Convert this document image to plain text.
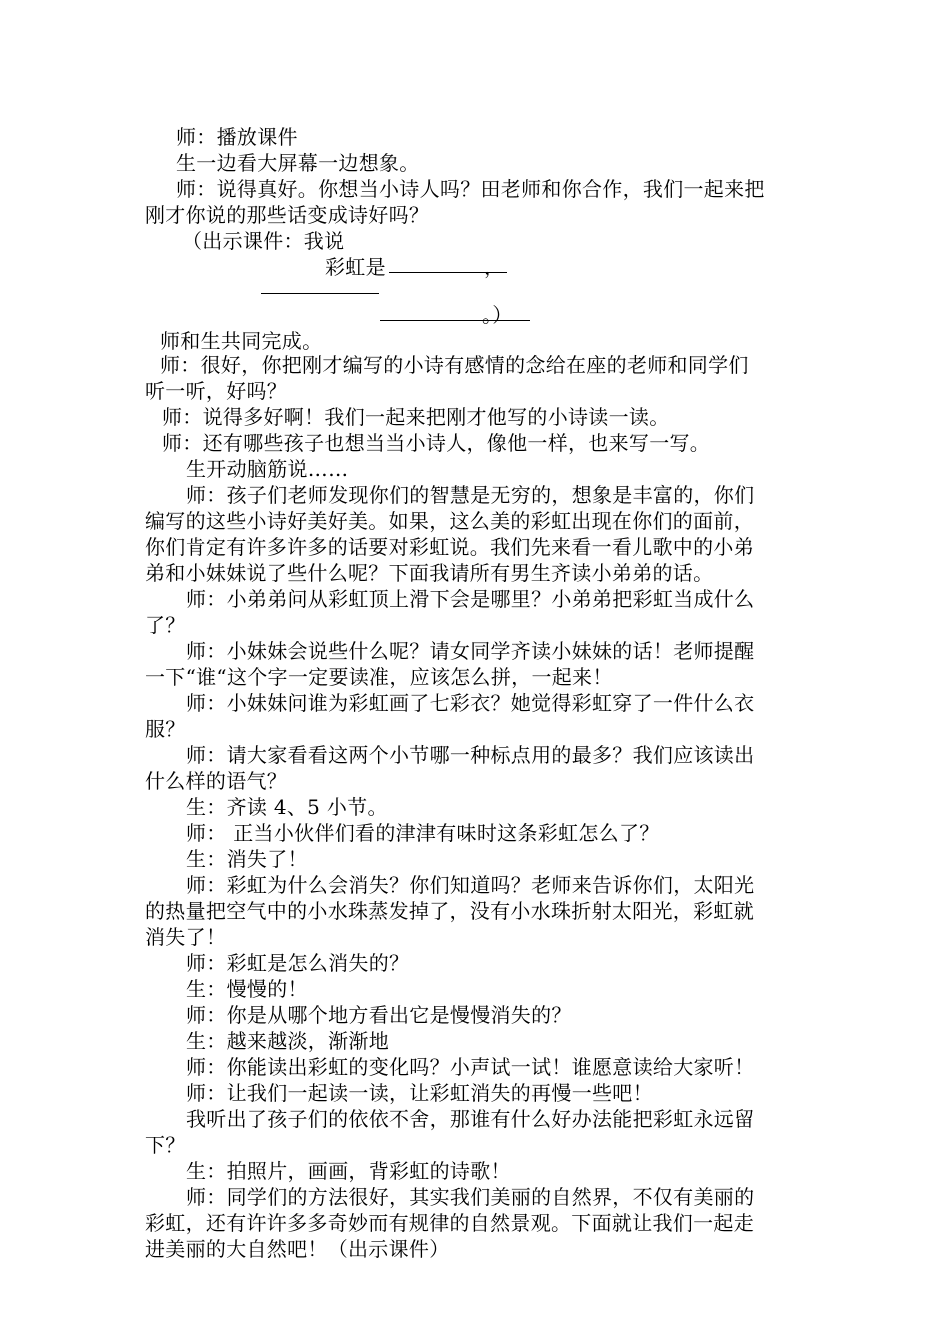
师：播放课件
生一边看大屏幕一边想象。
师：说得真好。你想当小诗人吗？田老师和你合作，我们一起来把
刚才你说的那些话变成诗好吗？
（出示课件：我说
彩虹是	，
。）
师和生共同完成。
师：很好，你把刚才编写的小诗有感情的念给在座的老师和同学们
听一听，好吗？
师：说得多好啊！我们一起来把刚才他写的小诗读一读。
师：还有哪些孩子也想当当小诗人，像他一样，也来写一写。
生开动脑筋说……
师：孩子们老师发现你们的智慧是无穷的，想象是丰富的，你们
编写的这些小诗好美好美。如果，这么美的彩虹出现在你们的面前，
你们肯定有许多许多的话要对彩虹说。我们先来看一看儿歌中的小弟
弟和小妹妹说了些什么呢？下面我请所有男生齐读小弟弟的话。
师：小弟弟问从彩虹顶上滑下会是哪里？小弟弟把彩虹当成什么
了？
师：小妹妹会说些什么呢？请女同学齐读小妹妹的话！老师提醒
一下“谁“这个字一定要读准，应该怎么拼，一起来！
师：小妹妹问谁为彩虹画了七彩衣？她觉得彩虹穿了一件什么衣
服？
师：请大家看看这两个小节哪一种标点用的最多？我们应该读出
什么样的语气？
生：齐读 4、5 小节。
师： 正当小伙伴们看的津津有味时这条彩虹怎么了？
生：消失了！
师：彩虹为什么会消失？你们知道吗？老师来告诉你们，太阳光
的热量把空气中的小水珠蒸发掉了，没有小水珠折射太阳光，彩虹就
消失了！
师：彩虹是怎么消失的？
生：慢慢的！
师：你是从哪个地方看出它是慢慢消失的？
生：越来越淡，渐渐地
师：你能读出彩虹的变化吗？小声试一试！谁愿意读给大家听！
师：让我们一起读一读，让彩虹消失的再慢一些吧！
我听出了孩子们的依依不舍，那谁有什么好办法能把彩虹永远留
下？
生：拍照片，画画，背彩虹的诗歌！
师：同学们的方法很好，其实我们美丽的自然界，不仅有美丽的
彩虹，还有许许多多奇妙而有规律的自然景观。下面就让我们一起走
进美丽的大自然吧！（出示课件）
